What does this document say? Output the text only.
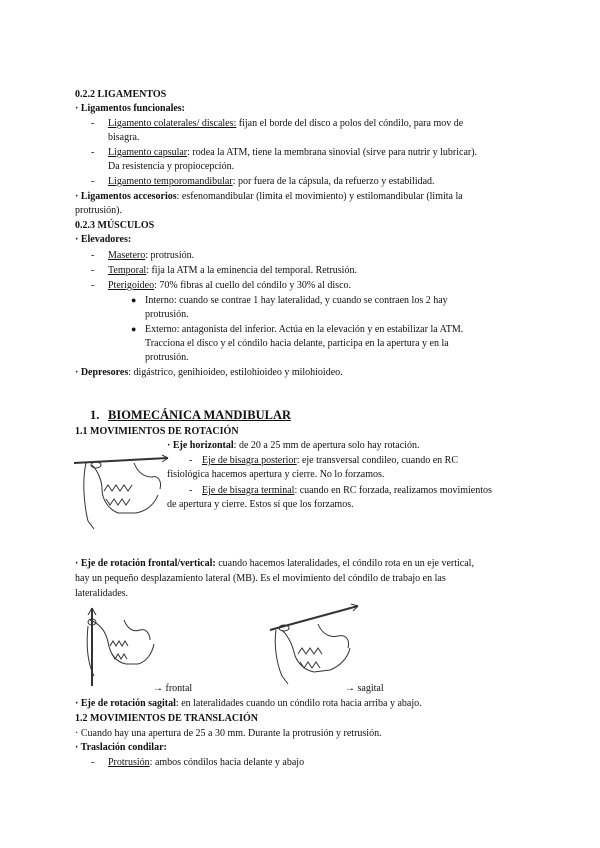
0.2.2 LIGAMENTOS
· Ligamentos funcionales:
- Ligamento colaterales/ discales: fijan el borde del disco a polos del cóndilo, para mov de
bisagra.
- Ligamento capsular: rodea la ATM, tiene la membrana sinovial (sirve para nutrir y lubricar).
Da resistencia y propiocepción.
- Ligamento temporomandibular: por fuera de la cápsula, da refuerzo y estabilidad.
· Ligamentos accesorios: esfenomandibular (limita el movimiento) y estilomandibular (limita la
protrusión).
0.2.3 MÚSCULOS
· Elevadores:
- Masetero: protrusión.
- Temporal: fija la ATM a la eminencia del temporal. Retrusión.
- Pterigoideo: 70% fibras al cuello del cóndilo y 30% al disco.
● Interno: cuando se contrae 1 hay lateralidad, y cuando se contraen los 2 hay
protrusión.
● Externo: antagonista del inferior. Actúa en la elevación y en estabilizar la ATM.
Tracciona el disco y el cóndilo hacia delante, participa en la apertura y en la
protrusión.
· Depresores: digástrico, genihioideo, estilohioideo y milohioideo.
1. BIOMECÁNICA MANDIBULAR
1.1 MOVIMIENTOS DE ROTACIÓN
· Eje horizontal: de 20 a 25 mm de apertura solo hay rotación.
- Eje de bisagra posterior: eje transversal condileo, cuando en RC
fisiológica hacemos apertura y cierre. No lo forzamos.
- Eje de bisagra terminal: cuando en RC forzada, realizamos movimientos
de apertura y cierre. Estos sí que los forzamos.
· Eje de rotación frontal/vertical: cuando hacemos lateralidades, el cóndilo rota en un eje vertical,
hay un pequeño desplazamiento lateral (MB). Es el movimiento del cóndilo de trabajo en las
lateralidades.
→ frontal	→ sagital
· Eje de rotación sagital: en lateralidades cuando un cóndilo rota hacia arriba y abajo.
1.2 MOVIMIENTOS DE TRANSLACIÓN
· Cuando hay una apertura de 25 a 30 mm. Durante la protrusión y retrusión.
· Traslación condilar:
- Protrusión: ambos cóndilos hacia delante y abajo
